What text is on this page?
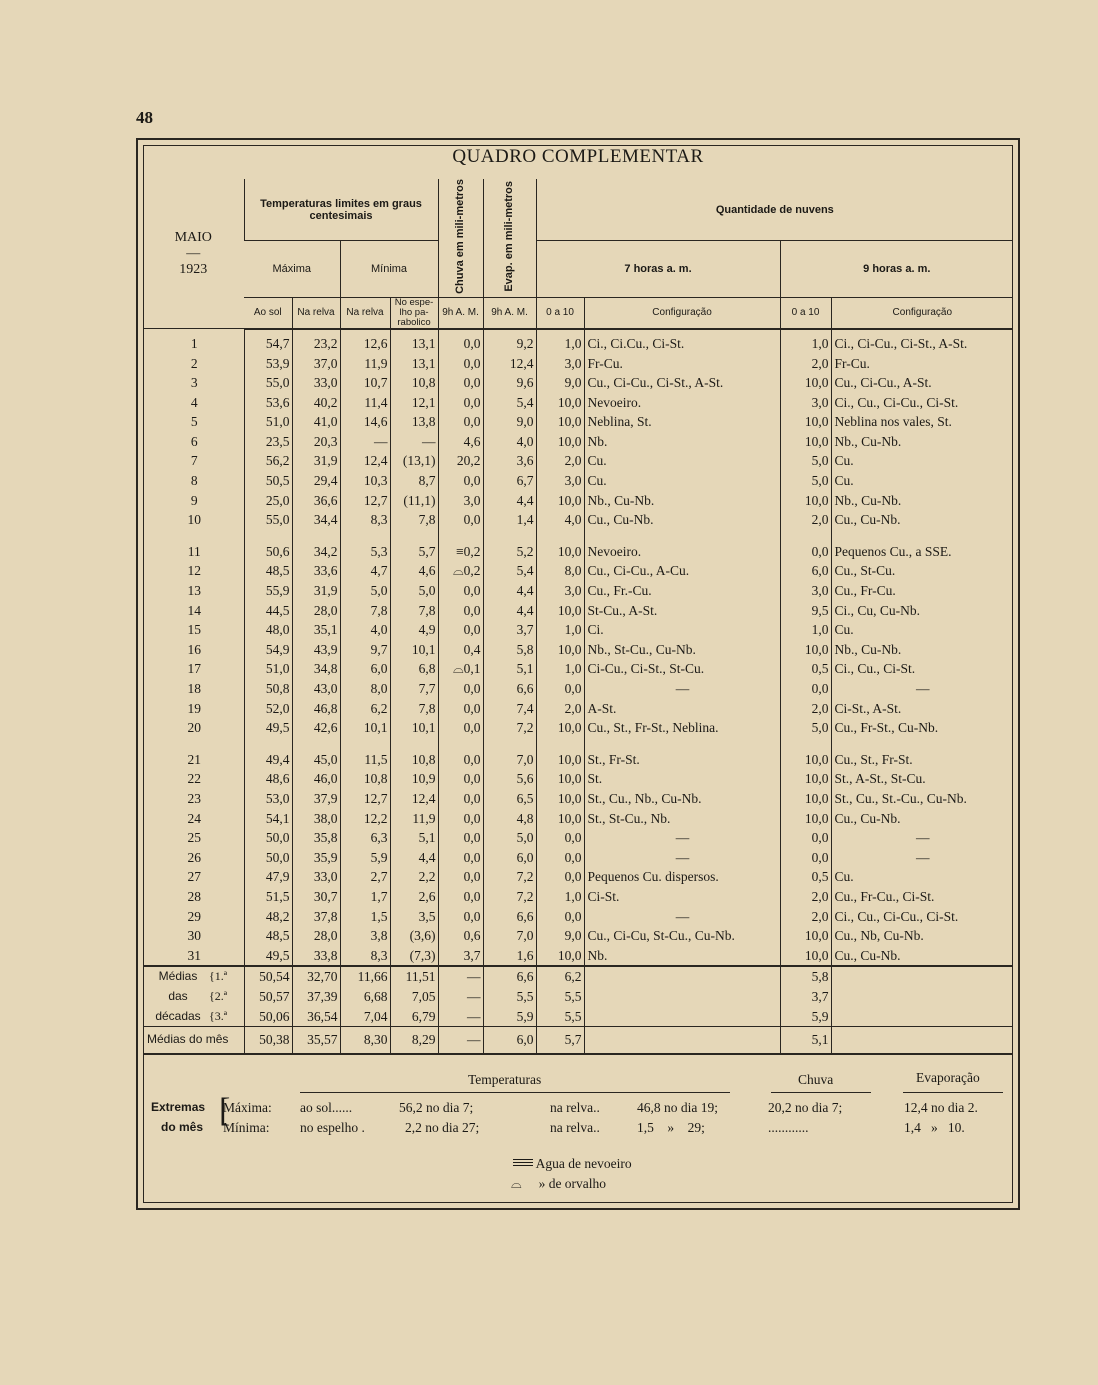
48
QUADRO COMPLEMENTAR
MAIO
—
1923	Temperaturas limites em graus centesimais				Chuva em mili-metros	Evap. em mili-metros	Quantidade de nuvens			
	Máxima		Mínima				7 horas a. m.		9 horas a. m.	
	Ao sol	Na relva	Na relva	No espe-lho pa-rabolico	9h A. M.	9h A. M.	0 a 10	Configuração	0 a 10	Configuração
1	54,7	23,2	12,6	13,1	0,0	9,2	1,0	Ci., Ci.Cu., Ci-St.	1,0	Ci., Ci-Cu., Ci-St., A-St.
2	53,9	37,0	11,9	13,1	0,0	12,4	3,0	Fr-Cu.	2,0	Fr-Cu.
3	55,0	33,0	10,7	10,8	0,0	9,6	9,0	Cu., Ci-Cu., Ci-St., A-St.	10,0	Cu., Ci-Cu., A-St.
4	53,6	40,2	11,4	12,1	0,0	5,4	10,0	Nevoeiro.	3,0	Ci., Cu., Ci-Cu., Ci-St.
5	51,0	41,0	14,6	13,8	0,0	9,0	10,0	Neblina, St.	10,0	Neblina nos vales, St.
6	23,5	20,3	—	—	4,6	4,0	10,0	Nb.	10,0	Nb., Cu-Nb.
7	56,2	31,9	12,4	(13,1)	20,2	3,6	2,0	Cu.	5,0	Cu.
8	50,5	29,4	10,3	8,7	0,0	6,7	3,0	Cu.	5,0	Cu.
9	25,0	36,6	12,7	(11,1)	3,0	4,4	10,0	Nb., Cu-Nb.	10,0	Nb., Cu-Nb.
10	55,0	34,4	8,3	7,8	0,0	1,4	4,0	Cu., Cu-Nb.	2,0	Cu., Cu-Nb.

11	50,6	34,2	5,3	5,7	≡0,2	5,2	10,0	Nevoeiro.	0,0	Pequenos Cu., a SSE.
12	48,5	33,6	4,7	4,6	⌓0,2	5,4	8,0	Cu., Ci-Cu., A-Cu.	6,0	Cu., St-Cu.
13	55,9	31,9	5,0	5,0	0,0	4,4	3,0	Cu., Fr.-Cu.	3,0	Cu., Fr-Cu.
14	44,5	28,0	7,8	7,8	0,0	4,4	10,0	St-Cu., A-St.	9,5	Ci., Cu, Cu-Nb.
15	48,0	35,1	4,0	4,9	0,0	3,7	1,0	Ci.	1,0	Cu.
16	54,9	43,9	9,7	10,1	0,4	5,8	10,0	Nb., St-Cu., Cu-Nb.	10,0	Nb., Cu-Nb.
17	51,0	34,8	6,0	6,8	⌓0,1	5,1	1,0	Ci-Cu., Ci-St., St-Cu.	0,5	Ci., Cu., Ci-St.
18	50,8	43,0	8,0	7,7	0,0	6,6	0,0	—	0,0	—
19	52,0	46,8	6,2	7,8	0,0	7,4	2,0	A-St.	2,0	Ci-St., A-St.
20	49,5	42,6	10,1	10,1	0,0	7,2	10,0	Cu., St., Fr-St., Neblina.	5,0	Cu., Fr-St., Cu-Nb.

21	49,4	45,0	11,5	10,8	0,0	7,0	10,0	St., Fr-St.	10,0	Cu., St., Fr-St.
22	48,6	46,0	10,8	10,9	0,0	5,6	10,0	St.	10,0	St., A-St., St-Cu.
23	53,0	37,9	12,7	12,4	0,0	6,5	10,0	St., Cu., Nb., Cu-Nb.	10,0	St., Cu., St.-Cu., Cu-Nb.
24	54,1	38,0	12,2	11,9	0,0	4,8	10,0	St., St-Cu., Nb.	10,0	Cu., Cu-Nb.
25	50,0	35,8	6,3	5,1	0,0	5,0	0,0	—	0,0	—
26	50,0	35,9	5,9	4,4	0,0	6,0	0,0	—	0,0	—
27	47,9	33,0	2,7	2,2	0,0	7,2	0,0	Pequenos Cu. dispersos.	0,5	Cu.
28	51,5	30,7	1,7	2,6	0,0	7,2	1,0	Ci-St.	2,0	Cu., Fr-Cu., Ci-St.
29	48,2	37,8	1,5	3,5	0,0	6,6	0,0	—	2,0	Ci., Cu., Ci-Cu., Ci-St.
30	48,5	28,0	3,8	(3,6)	0,6	7,0	9,0	Cu., Ci-Cu, St-Cu., Cu-Nb.	10,0	Cu., Nb, Cu-Nb.
31	49,5	33,8	8,3	(7,3)	3,7	1,6	10,0	Nb.	10,0	Cu., Cu-Nb.
Médias {1.ª	50,54	32,70	11,66	11,51	—	6,6	6,2		5,8	
das {2.ª	50,57	37,39	6,68	7,05	—	5,5	5,5		3,7	
décadas {3.ª	50,06	36,54	7,04	6,79	—	5,9	5,5		5,9	
Médias do mês	50,38	35,57	8,30	8,29	—	6,0	5,7		5,1	
Temperaturas	Chuva	Evaporação
Extremas
do mês [
Máxima:
Mínima:
ao sol......	56,2 no dia 7;	na relva..	46,8 no dia 19;	20,2 no dia 7;	12,4 no dia 2.
no espelho .	2,2 no dia 27;	na relva..	1,5    »    29;	............	1,4   »   10.
Agua de nevoeiro
⌓ » de orvalho
